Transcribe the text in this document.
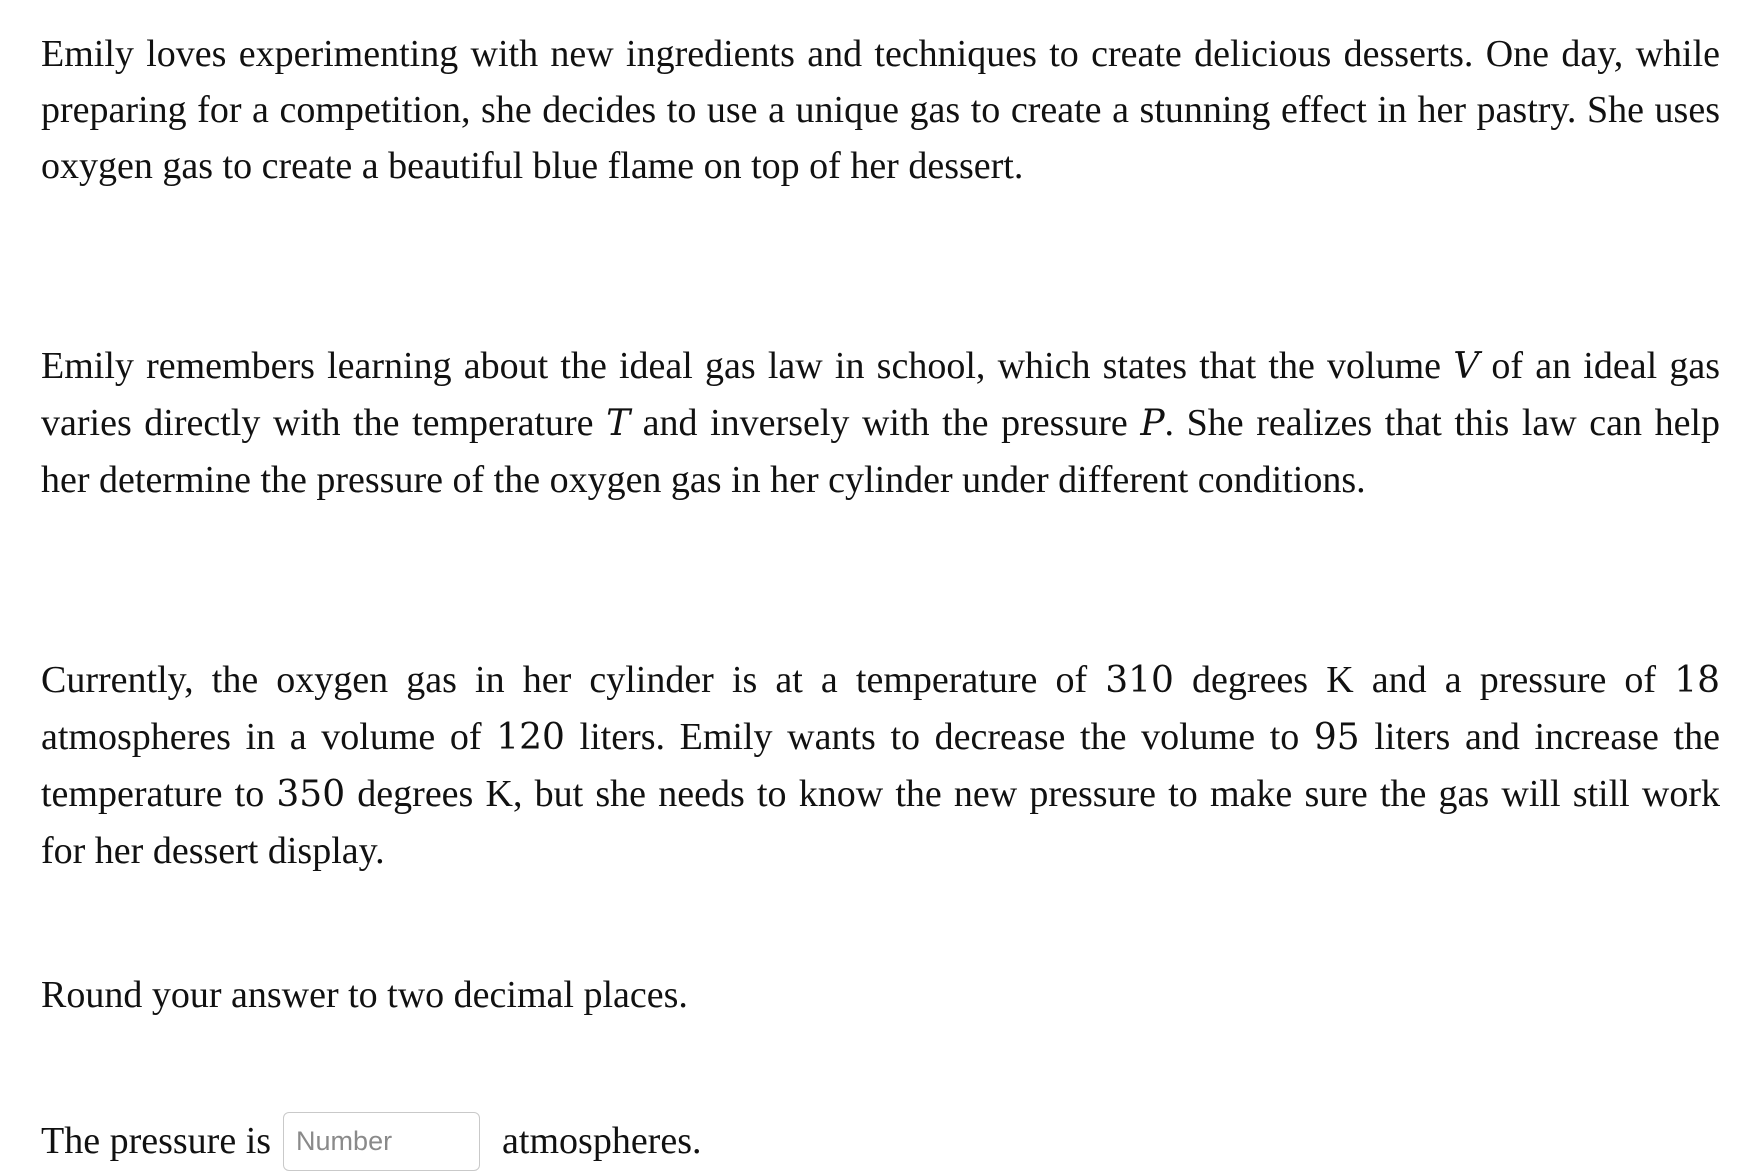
Emily loves experimenting with new ingredients and techniques to create delicious desserts. One day, while preparing for a competition, she decides to use a unique gas to create a stunning effect in her pastry. She uses oxygen gas to create a beautiful blue flame on top of her dessert.

Emily remembers learning about the ideal gas law in school, which states that the volume V of an ideal gas varies directly with the temperature T and inversely with the pressure P. She realizes that this law can help her determine the pressure of the oxygen gas in her cylinder under different conditions.

Currently, the oxygen gas in her cylinder is at a temperature of 310 degrees K and a pressure of 18 atmospheres in a volume of 120 liters. Emily wants to decrease the volume to 95 liters and increase the temperature to 350 degrees K, but she needs to know the new pressure to make sure the gas will still work for her dessert display.

Round your answer to two decimal places.

The pressure is
Number	atmospheres.
